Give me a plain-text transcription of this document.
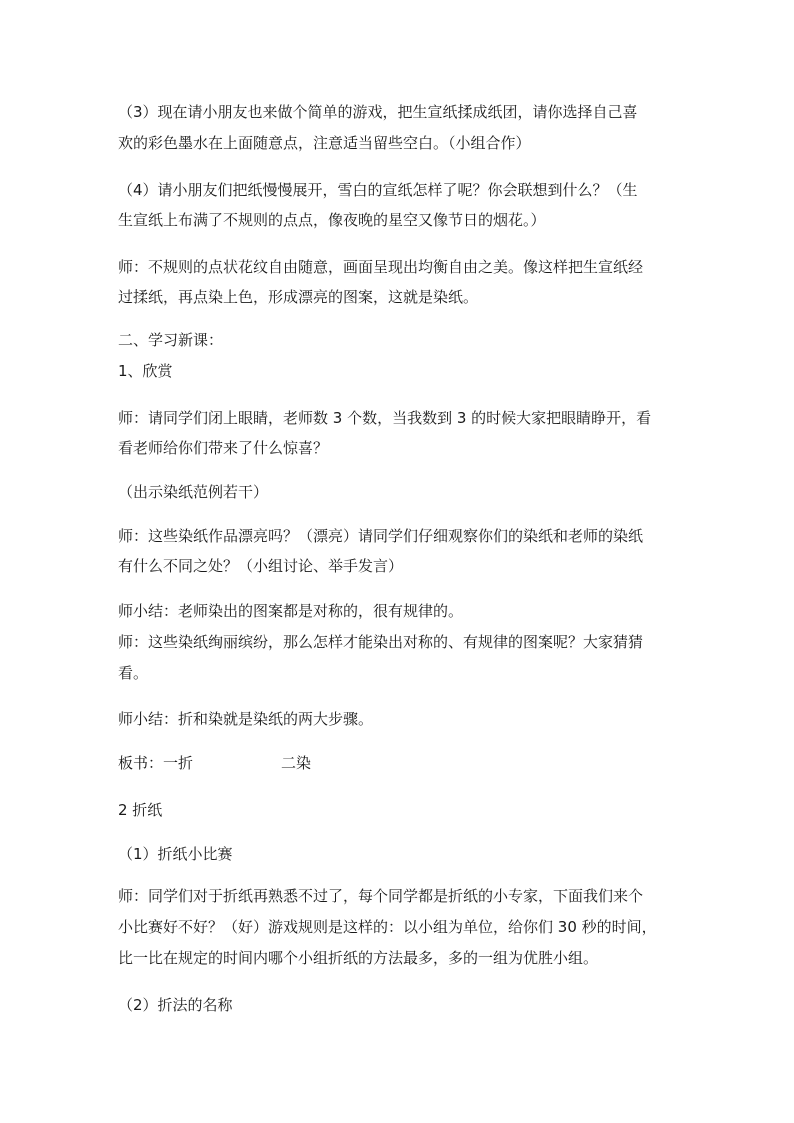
（3）现在请小朋友也来做个简单的游戏，把生宣纸揉成纸团，请你选择自己喜
欢的彩色墨水在上面随意点，注意适当留些空白。（小组合作）
（4）请小朋友们把纸慢慢展开，雪白的宣纸怎样了呢？你会联想到什么？（生
生宣纸上布满了不规则的点点，像夜晚的星空又像节日的烟花。）
师：不规则的点状花纹自由随意，画面呈现出均衡自由之美。像这样把生宣纸经
过揉纸，再点染上色，形成漂亮的图案，这就是染纸。
二、学习新课：
1、欣赏
师：请同学们闭上眼睛，老师数 3 个数，当我数到 3 的时候大家把眼睛睁开，看
看老师给你们带来了什么惊喜？
（出示染纸范例若干）
师：这些染纸作品漂亮吗？（漂亮）请同学们仔细观察你们的染纸和老师的染纸
有什么不同之处？（小组讨论、举手发言）
师小结：老师染出的图案都是对称的，很有规律的。
师：这些染纸绚丽缤纷，那么怎样才能染出对称的、有规律的图案呢？大家猜猜
看。
师小结：折和染就是染纸的两大步骤。
板书：一折	二染
2 折纸
（1）折纸小比赛
师：同学们对于折纸再熟悉不过了，每个同学都是折纸的小专家，下面我们来个
小比赛好不好？（好）游戏规则是这样的：以小组为单位，给你们 30 秒的时间，
比一比在规定的时间内哪个小组折纸的方法最多，多的一组为优胜小组。
（2）折法的名称
